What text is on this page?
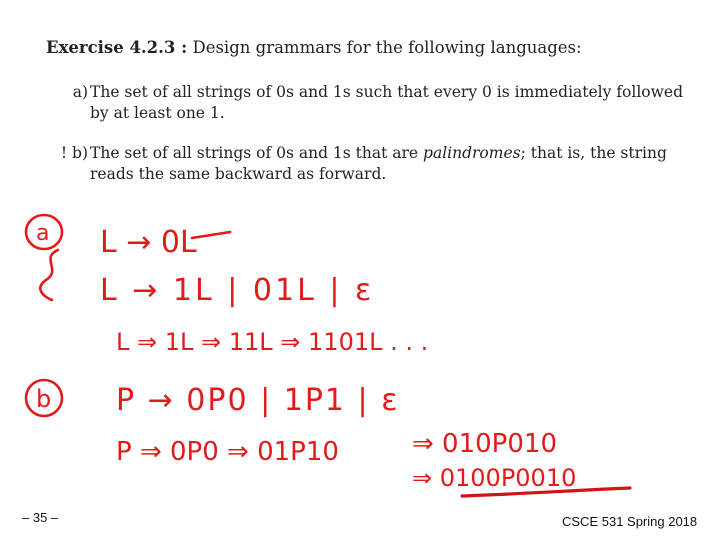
Exercise 4.2.3 : Design grammars for the following languages:
a) The set of all strings of 0s and 1s such that every 0 is immediately followed by at least one 1.
! b) The set of all strings of 0s and 1s that are palindromes; that is, the string reads the same backward as forward.
a L → 0L
L → 1L | 01L | ε
L ⇒ 1L ⇒ 11L ⇒ 1101L . . .
b P → 0P0 | 1P1 | ε
P ⇒ 0P0 ⇒ 01P10	⇒ 010P010
⇒ 0100P0010
– 35 –	CSCE 531 Spring 2018
